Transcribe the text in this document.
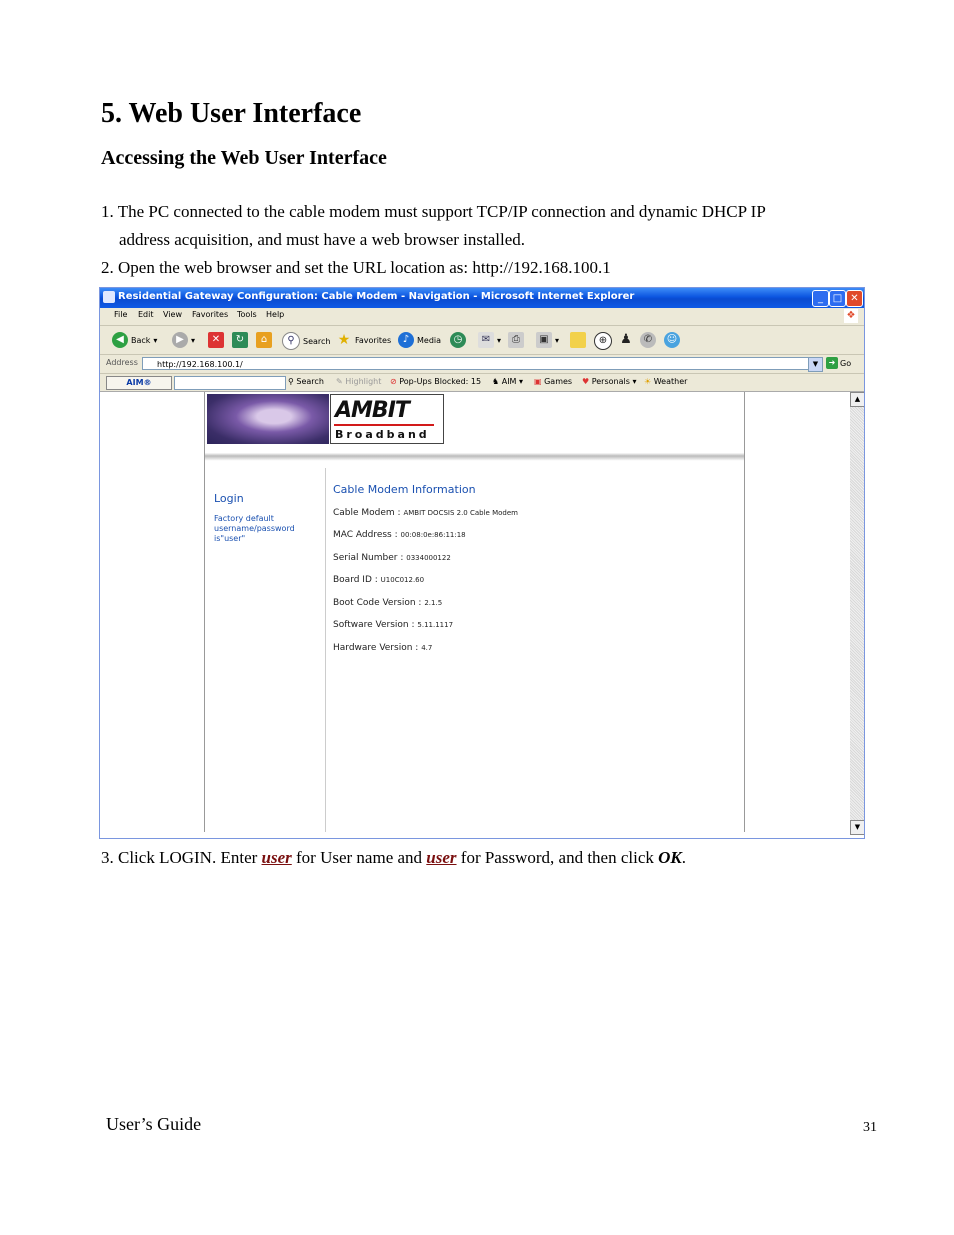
5. Web User Interface
Accessing the Web User Interface
1. The PC connected to the cable modem must support TCP/IP connection and dynamic DHCP IP
address acquisition, and must have a web browser installed.
2. Open the web browser and set the URL location as: http://192.168.100.1
Residential Gateway Configuration: Cable Modem - Navigation - Microsoft Internet Explorer	_ □ ✕
File Edit View Favorites Tools Help	❖
◀ Back ▾	▶ ▾	✕	↻	⌂	⚲	Search ★ Favorites	♪ Media	◷	✉ ▾	⎙	▣ ▾	⊕ ♟	✆	☺
Address	http://192.168.100.1/	▼	➜ Go
AIM®	⚲ Search ✎ Highlight ⊘ Pop-Ups Blocked: 15 ♞ AIM ▾ ▣ Games ♥ Personals ▾ ☀ Weather
▲
▼
AMBIT
Broadband
Login
Factory default username/password is"user"
Cable Modem Information
Cable Modem : AMBIT DOCSIS 2.0 Cable Modem
MAC Address : 00:08:0e:86:11:18
Serial Number : 0334000122
Board ID : U10C012.60
Boot Code Version : 2.1.5
Software Version : 5.11.1117
Hardware Version : 4.7
3. Click LOGIN. Enter user for User name and user for Password, and then click OK.
User’s Guide	31
